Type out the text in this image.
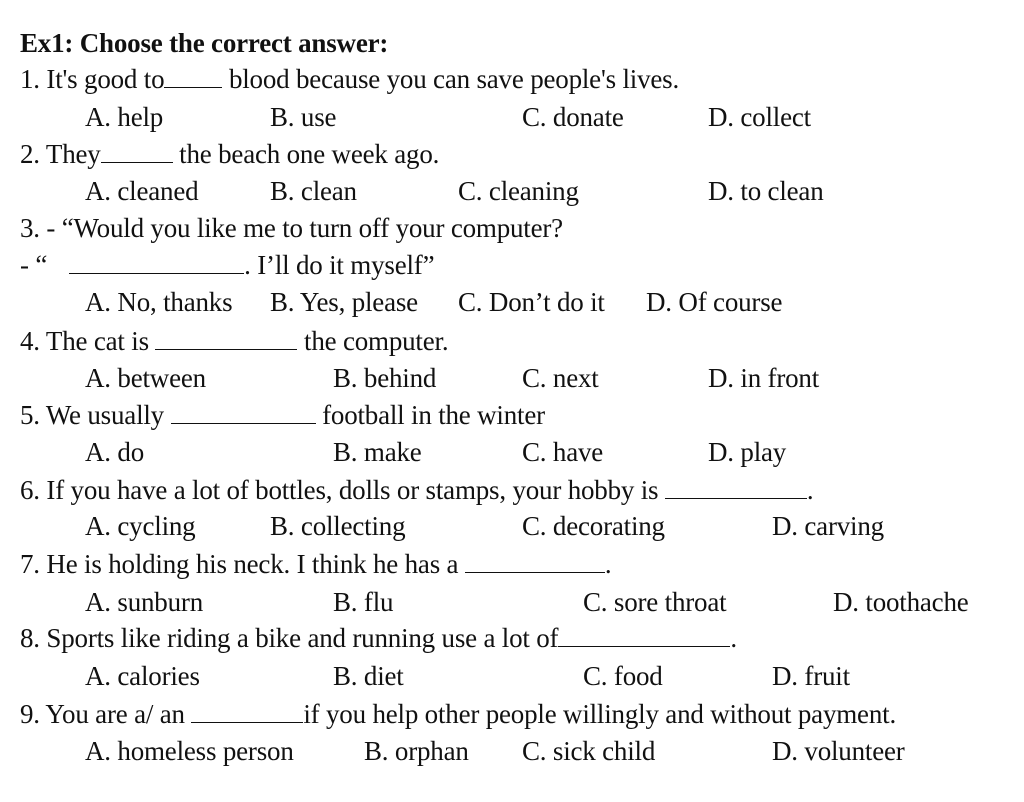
Ex1: Choose the correct answer:
1. It's good to blood because you can save people's lives.
A. help	B. use	C. donate	D. collect
2. They	the beach one week ago.
A. cleaned	B. clean	C. cleaning	D. to clean
3. - “Would you like me to turn off your computer?
- “	. I’ll do it myself”
A. No, thanks B. Yes, please C. Don’t do it D. Of course
4. The cat is	the computer.
A. between	B. behind	C. next	D. in front
5. We usually	football in the winter
A. do	B. make	C. have	D. play
6. If you have a lot of bottles, dolls or stamps, your hobby is	.
A. cycling	B. collecting	C. decorating	D. carving
7. He is holding his neck. I think he has a	.
A. sunburn	B. flu	C. sore throat	D. toothache
8. Sports like riding a bike and running use a lot of	.
A. calories	B. diet	C. food	D. fruit
9. You are a/ an	if you help other people willingly and without payment.
A. homeless person	B. orphan C. sick child	D. volunteer
